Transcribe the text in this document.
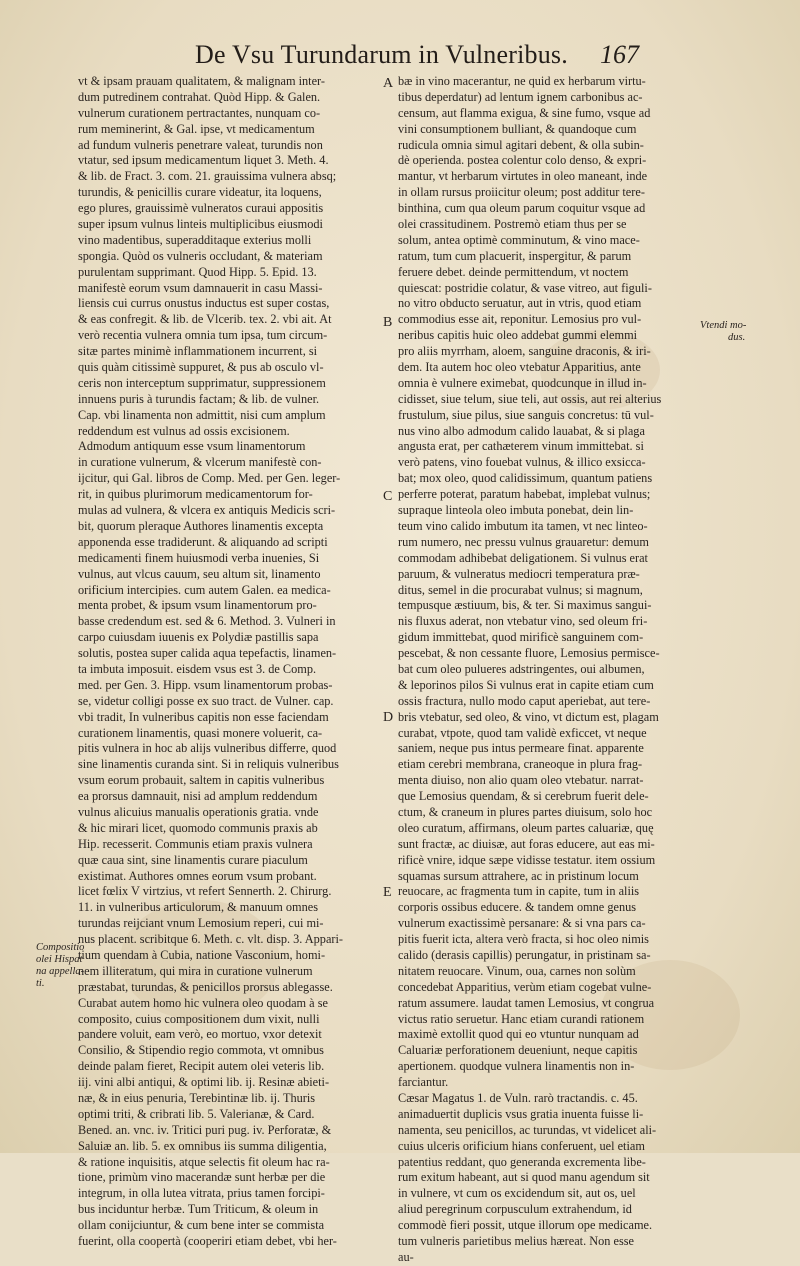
De Vsu Turundarum in Vulneribus. 167
vt & ipsam prauam qualitatem, & malignam inter-
dum putredinem contrahat. Quòd Hipp. & Galen.
vulnerum curationem pertractantes, nunquam co-
rum meminerint, & Gal. ipse, vt medicamentum
ad fundum vulneris penetrare valeat, turundis non
vtatur, sed ipsum medicamentum liquet 3. Meth. 4.
& lib. de Fract. 3. com. 21. grauissima vulnera absq;
turundis, & penicillis curare videatur, ita loquens,
ego plures, grauissimè vulneratos curaui appositis
super ipsum vulnus linteis multiplicibus eiusmodi
vino madentibus, superadditaque exterius molli
spongia. Quòd os vulneris occludant, & materiam
purulentam supprimant. Quod Hipp. 5. Epid. 13.
manifestè eorum vsum damnauerit in casu Massi-
liensis cui currus onustus inductus est super costas,
& eas confregit. & lib. de Vlcerib. tex. 2. vbi ait. At
verò recentia vulnera omnia tum ipsa, tum circum-
sitæ partes minimè inflammationem incurrent, si
quis quàm citissimè suppuret, & pus ab osculo vl-
ceris non interceptum supprimatur, suppressionem
innuens puris à turundis factam; & lib. de vulner.
Cap. vbi linamenta non admittit, nisi cum amplum
reddendum est vulnus ad ossis excisionem.
Admodum antiquum esse vsum linamentorum
in curatione vulnerum, & vlcerum manifestè con-
ijcitur, qui Gal. libros de Comp. Med. per Gen. leger-
rit, in quibus plurimorum medicamentorum for-
mulas ad vulnera, & vlcera ex antiquis Medicis scri-
bit, quorum pleraque Authores linamentis excepta
apponenda esse tradiderunt. & aliquando ad scripti
medicamenti finem huiusmodi verba inuenies, Si
vulnus, aut vlcus cauum, seu altum sit, linamento
orificium intercipies. cum autem Galen. ea medica-
menta probet, & ipsum vsum linamentorum pro-
basse credendum est. sed & 6. Method. 3. Vulneri in
carpo cuiusdam iuuenis ex Polydiæ pastillis sapa
solutis, postea super calida aqua tepefactis, linamen-
ta imbuta imposuit. eisdem vsus est 3. de Comp.
med. per Gen. 3. Hipp. vsum linamentorum probas-
se, videtur colligi posse ex suo tract. de Vulner. cap.
vbi tradit, In vulneribus capitis non esse faciendam
curationem linamentis, quasi monere voluerit, ca-
pitis vulnera in hoc ab alijs vulneribus differre, quod
sine linamentis curanda sint. Si in reliquis vulneribus
vsum eorum probauit, saltem in capitis vulneribus
ea prorsus damnauit, nisi ad amplum reddendum
vulnus alicuius manualis operationis gratia. vnde
& hic mirari licet, quomodo communis praxis ab
Hip. recesserit. Communis etiam praxis vulnera
quæ caua sint, sine linamentis curare piaculum
existimat. Authores omnes eorum vsum probant.
licet fœlix V virtzius, vt refert Sennerth. 2. Chirurg.
11. in vulneribus articulorum, & manuum omnes
turundas reijciant vnum Lemosium reperi, cui mi-
nus placent. scribitque 6. Meth. c. vlt. disp. 3. Appari-
tium quendam à Cubia, natione Vasconium, homi-
nem illiteratum, qui mira in curatione vulnerum
præstabat, turundas, & penicillos prorsus ablegasse.
Curabat autem homo hic vulnera oleo quodam à se
composito, cuius compositionem dum vixit, nulli
pandere voluit, eam verò, eo mortuo, vxor detexit
Consilio, & Stipendio regio commota, vt omnibus
deinde palam fieret, Recipit autem olei veteris lib.
iij. vini albi antiqui, & optimi lib. ij. Resinæ abieti-
næ, & in eius penuria, Terebintinæ lib. ij. Thuris
optimi triti, & cribrati lib. 5. Valerianæ, & Card.
Bened. an. vnc. iv. Tritici puri pug. iv. Perforatæ, &
Saluiæ an. lib. 5. ex omnibus iis summa diligentia,
& ratione inquisitis, atque selectis fit oleum hac ra-
tione, primùm vino macerandæ sunt herbæ per die
integrum, in olla lutea vitrata, prius tamen forcipi-
bus inciduntur herbæ. Tum Triticum, & oleum in
ollam conijciuntur, & cum bene inter se commista
fuerint, olla coopertà (cooperiri etiam debet, vbi her-
bæ in vino macerantur, ne quid ex herbarum virtu-
tibus deperdatur) ad lentum ignem carbonibus ac-
censum, aut flamma exigua, & sine fumo, vsque ad
vini consumptionem bulliant, & quandoque cum
rudicula omnia simul agitari debent, & olla subin-
dè operienda. postea colentur colo denso, & expri-
mantur, vt herbarum virtutes in oleo maneant, inde
in ollam rursus proiicitur oleum; post additur tere-
binthina, cum qua oleum parum coquitur vsque ad
olei crassitudinem. Postremò etiam thus per se
solum, antea optimè comminutum, & vino mace-
ratum, tum cum placuerit, inspergitur, & parum
feruere debet. deinde permittendum, vt noctem
quiescat: postridie colatur, & vase vitreo, aut figuli-
no vitro obducto seruatur, aut in vtris, quod etiam
commodius esse ait, reponitur. Lemosius pro vul-
neribus capitis huic oleo addebat gummi elemmi
pro aliis myrrham, aloem, sanguine draconis, & iri-
dem. Ita autem hoc oleo vtebatur Apparitius, ante
omnia è vulnere eximebat, quodcunque in illud in-
cidisset, siue telum, siue teli, aut ossis, aut rei alterius
frustulum, siue pilus, siue sanguis concretus: tū vul-
nus vino albo admodum calido lauabat, & si plaga
angusta erat, per cathæterem vinum immittebat. si
verò patens, vino fouebat vulnus, & illico exsicca-
bat; mox oleo, quod calidissimum, quantum patiens
perferre poterat, paratum habebat, implebat vulnus;
supraque linteola oleo imbuta ponebat, dein lin-
teum vino calido imbutum ita tamen, vt nec linteo-
rum numero, nec pressu vulnus grauaretur: demum
commodam adhibebat deligationem. Si vulnus erat
paruum, & vulneratus mediocri temperatura præ-
ditus, semel in die procurabat vulnus; si magnum,
tempusque æstiuum, bis, & ter. Si maximus sangui-
nis fluxus aderat, non vtebatur vino, sed oleum fri-
gidum immittebat, quod mirificè sanguinem com-
pescebat, & non cessante fluore, Lemosius permisce-
bat cum oleo pulueres adstringentes, oui albumen,
& leporinos pilos Si vulnus erat in capite etiam cum
ossis fractura, nullo modo caput aperiebat, aut tere-
bris vtebatur, sed oleo, & vino, vt dictum est, plagam
curabat, vtpote, quod tam validè exficcet, vt neque
saniem, neque pus intus permeare finat. apparente
etiam cerebri membrana, craneoque in plura frag-
menta diuiso, non alio quam oleo vtebatur. narrat-
que Lemosius quendam, & si cerebrum fuerit dele-
ctum, & craneum in plures partes diuisum, solo hoc
oleo curatum, affirmans, oleum partes caluariæ, quę
sunt fractæ, ac diuisæ, aut foras educere, aut eas mi-
rificè vnire, idque sæpe vidisse testatur. item ossium
squamas sursum attrahere, ac in pristinum locum
reuocare, ac fragmenta tum in capite, tum in aliis
corporis ossibus educere. & tandem omne genus
vulnerum exactissimè persanare: & si vna pars ca-
pitis fuerit icta, altera verò fracta, si hoc oleo nimis
calido (derasis capillis) perungatur, in pristinam sa-
nitatem reuocare. Vinum, oua, carnes non solùm
concedebat Apparitius, verùm etiam cogebat vulne-
ratum assumere. laudat tamen Lemosius, vt congrua
victus ratio seruetur. Hanc etiam curandi rationem
maximè extollit quod qui eo vtuntur nunquam ad
Caluariæ perforationem deueniunt, neque capitis
apertionem. quodque vulnera linamentis non in-
farciantur.
Cæsar Magatus 1. de Vuln. rarò tractandis. c. 45.
animaduertit duplicis vsus gratia inuenta fuisse li-
namenta, seu penicillos, ac turundas, vt videlicet ali-
cuius ulceris orificium hians conferuent, uel etiam
patentius reddant, quo generanda excrementa libe-
rum exitum habeant, aut si quod manu agendum sit
in vulnere, vt cum os excidendum sit, aut os, uel
aliud peregrinum corpusculum extrahendum, id
commodè fieri possit, utque illorum ope medicame.
tum vulneris parietibus melius hæreat. Non esse
au-
A
B
C
D
E
Vtendi mo-
dus.
Compositio
olei Hispat
na appella-
ti.
